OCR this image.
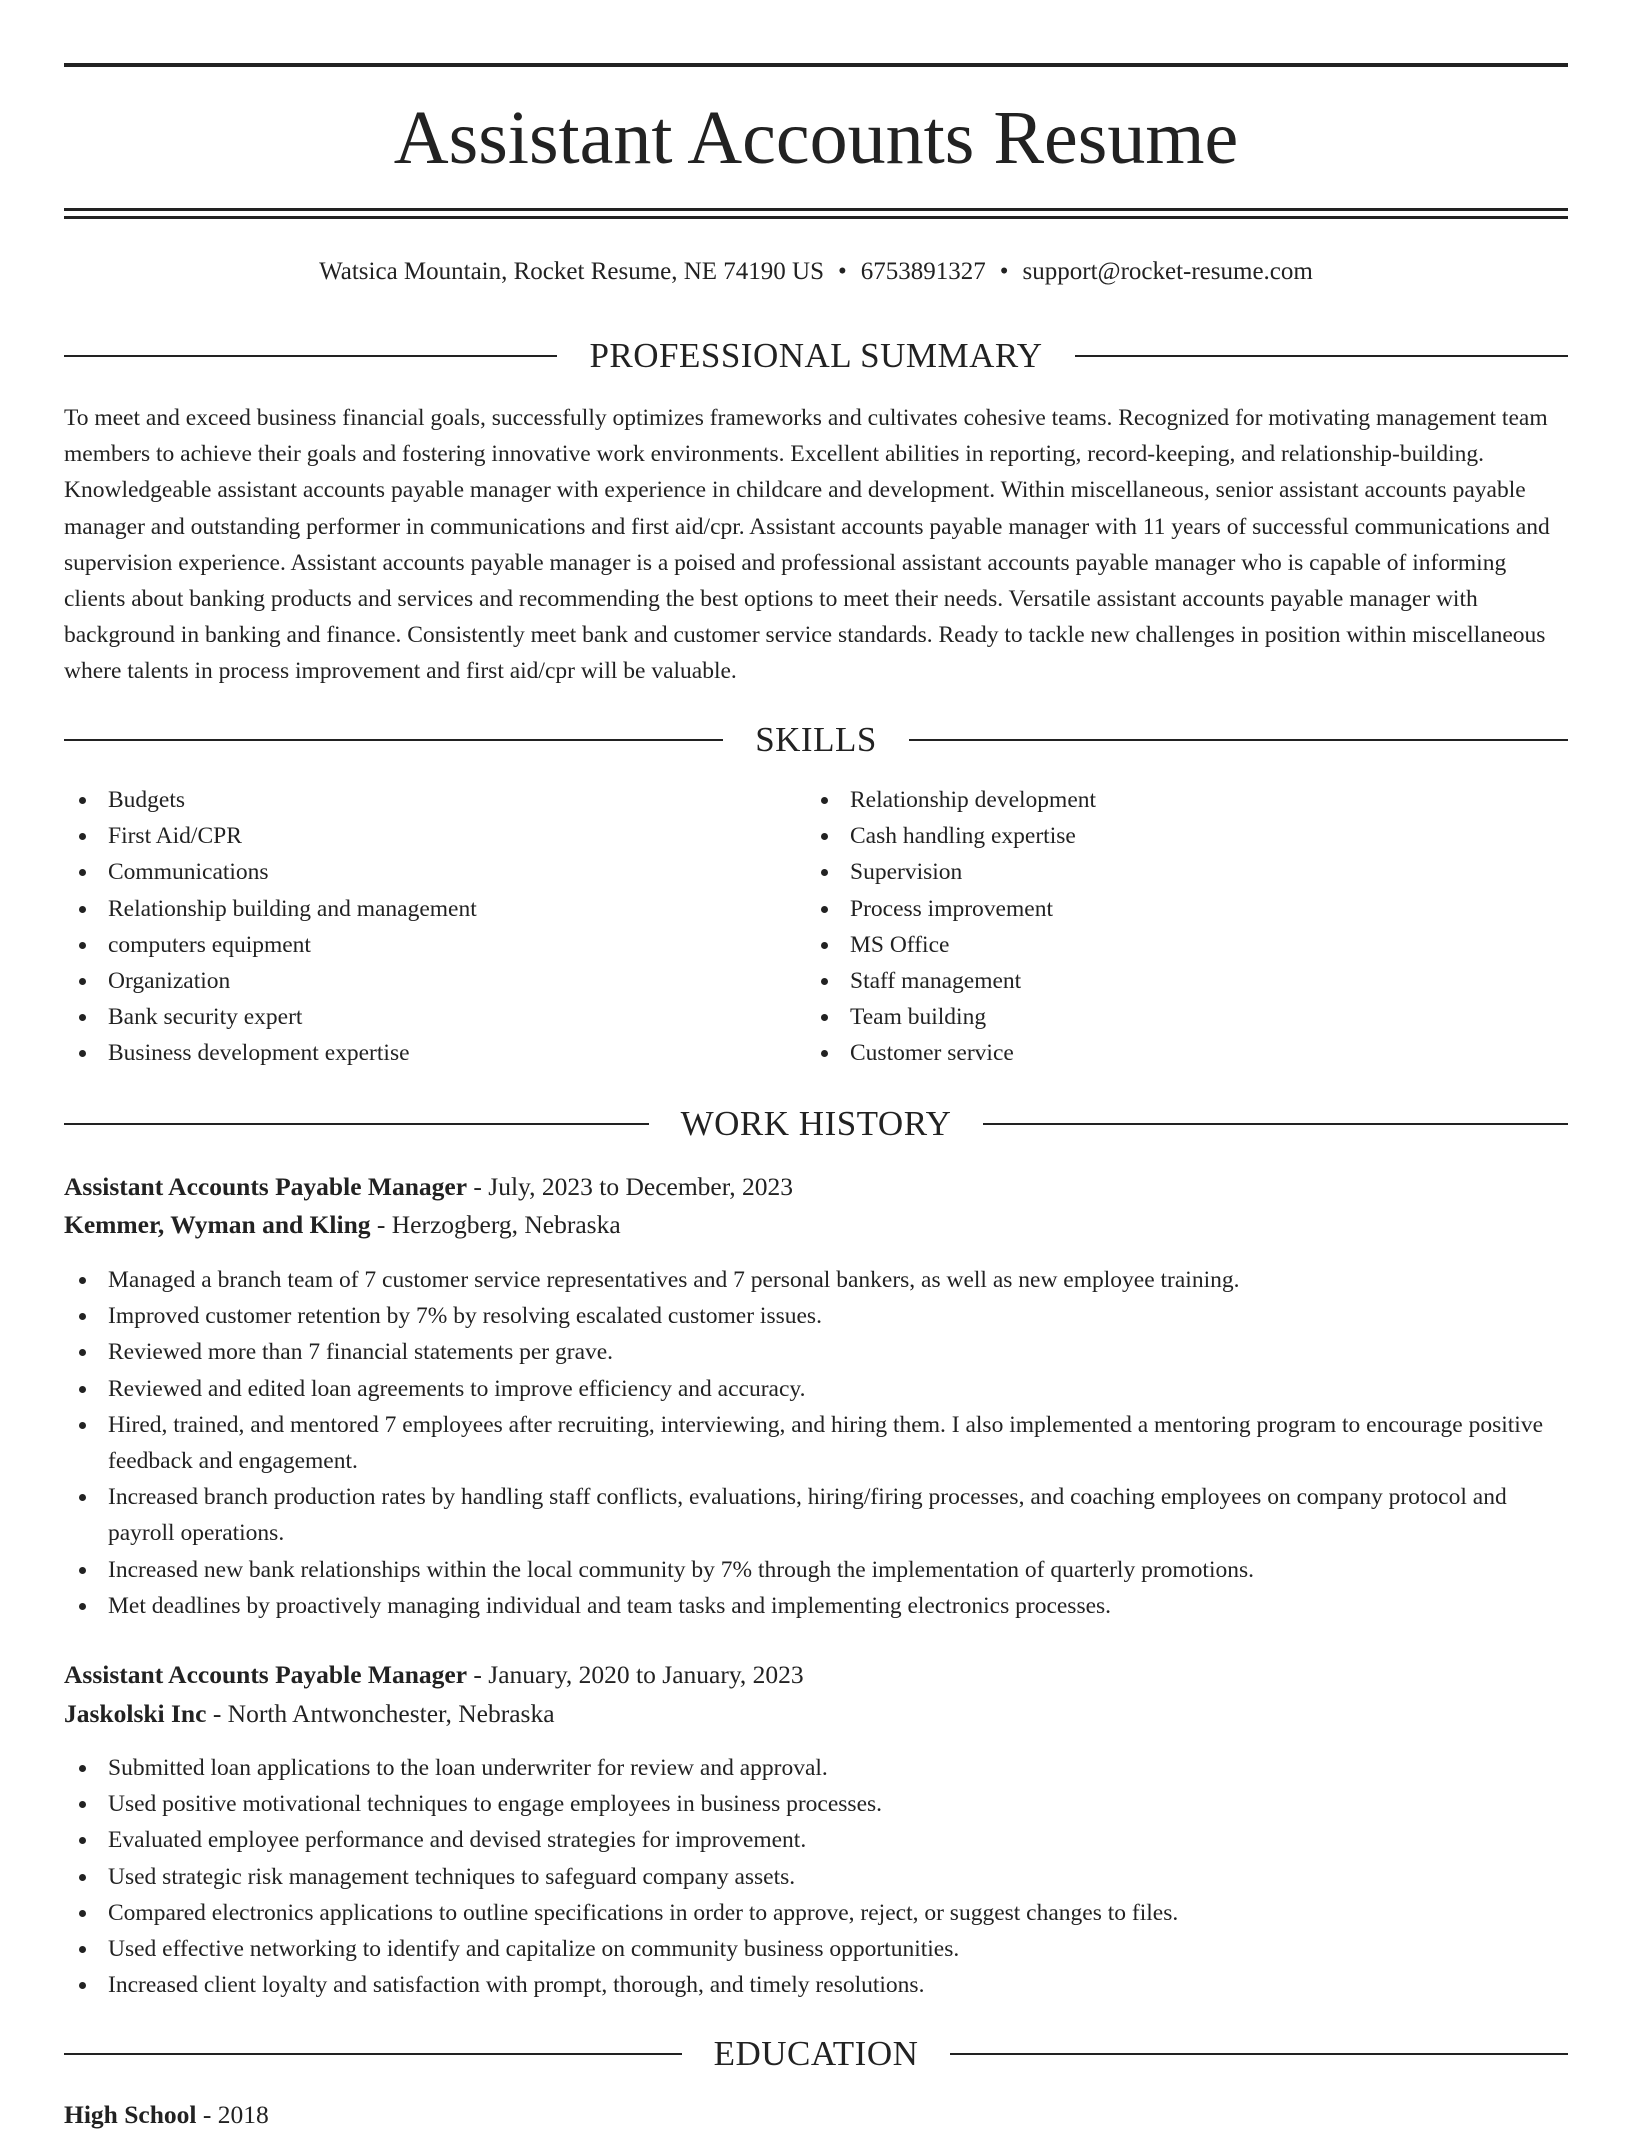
Assistant Accounts Resume
Watsica Mountain, Rocket Resume, NE 74190 US • 6753891327 • support@rocket-resume.com
PROFESSIONAL SUMMARY

To meet and exceed business financial goals, successfully optimizes frameworks and cultivates cohesive teams. Recognized for motivating management team members to achieve their goals and fostering innovative work environments. Excellent abilities in reporting, record-keeping, and relationship-building. Knowledgeable assistant accounts payable manager with experience in childcare and development. Within miscellaneous, senior assistant accounts payable manager and outstanding performer in communications and first aid/cpr. Assistant accounts payable manager with 11 years of successful communications and supervision experience. Assistant accounts payable manager is a poised and professional assistant accounts payable manager who is capable of informing clients about banking products and services and recommending the best options to meet their needs. Versatile assistant accounts payable manager with background in banking and finance. Consistently meet bank and customer service standards. Ready to tackle new challenges in position within miscellaneous where talents in process improvement and first aid/cpr will be valuable.

SKILLS
Budgets
First Aid/CPR
Communications
Relationship building and management
computers equipment
Organization
Bank security expert
Business development expertise
Relationship development
Cash handling expertise
Supervision
Process improvement
MS Office
Staff management
Team building
Customer service
WORK HISTORY
Assistant Accounts Payable Manager - July, 2023 to December, 2023
Kemmer, Wyman and Kling - Herzogberg, Nebraska
Managed a branch team of 7 customer service representatives and 7 personal bankers, as well as new employee training.
Improved customer retention by 7% by resolving escalated customer issues.
Reviewed more than 7 financial statements per grave.
Reviewed and edited loan agreements to improve efficiency and accuracy.
Hired, trained, and mentored 7 employees after recruiting, interviewing, and hiring them. I also implemented a mentoring program to encourage positive feedback and engagement.
Increased branch production rates by handling staff conflicts, evaluations, hiring/firing processes, and coaching employees on company protocol and payroll operations.
Increased new bank relationships within the local community by 7% through the implementation of quarterly promotions.
Met deadlines by proactively managing individual and team tasks and implementing electronics processes.
Assistant Accounts Payable Manager - January, 2020 to January, 2023
Jaskolski Inc - North Antwonchester, Nebraska
Submitted loan applications to the loan underwriter for review and approval.
Used positive motivational techniques to engage employees in business processes.
Evaluated employee performance and devised strategies for improvement.
Used strategic risk management techniques to safeguard company assets.
Compared electronics applications to outline specifications in order to approve, reject, or suggest changes to files.
Used effective networking to identify and capitalize on community business opportunities.
Increased client loyalty and satisfaction with prompt, thorough, and timely resolutions.
EDUCATION
High School - 2018
